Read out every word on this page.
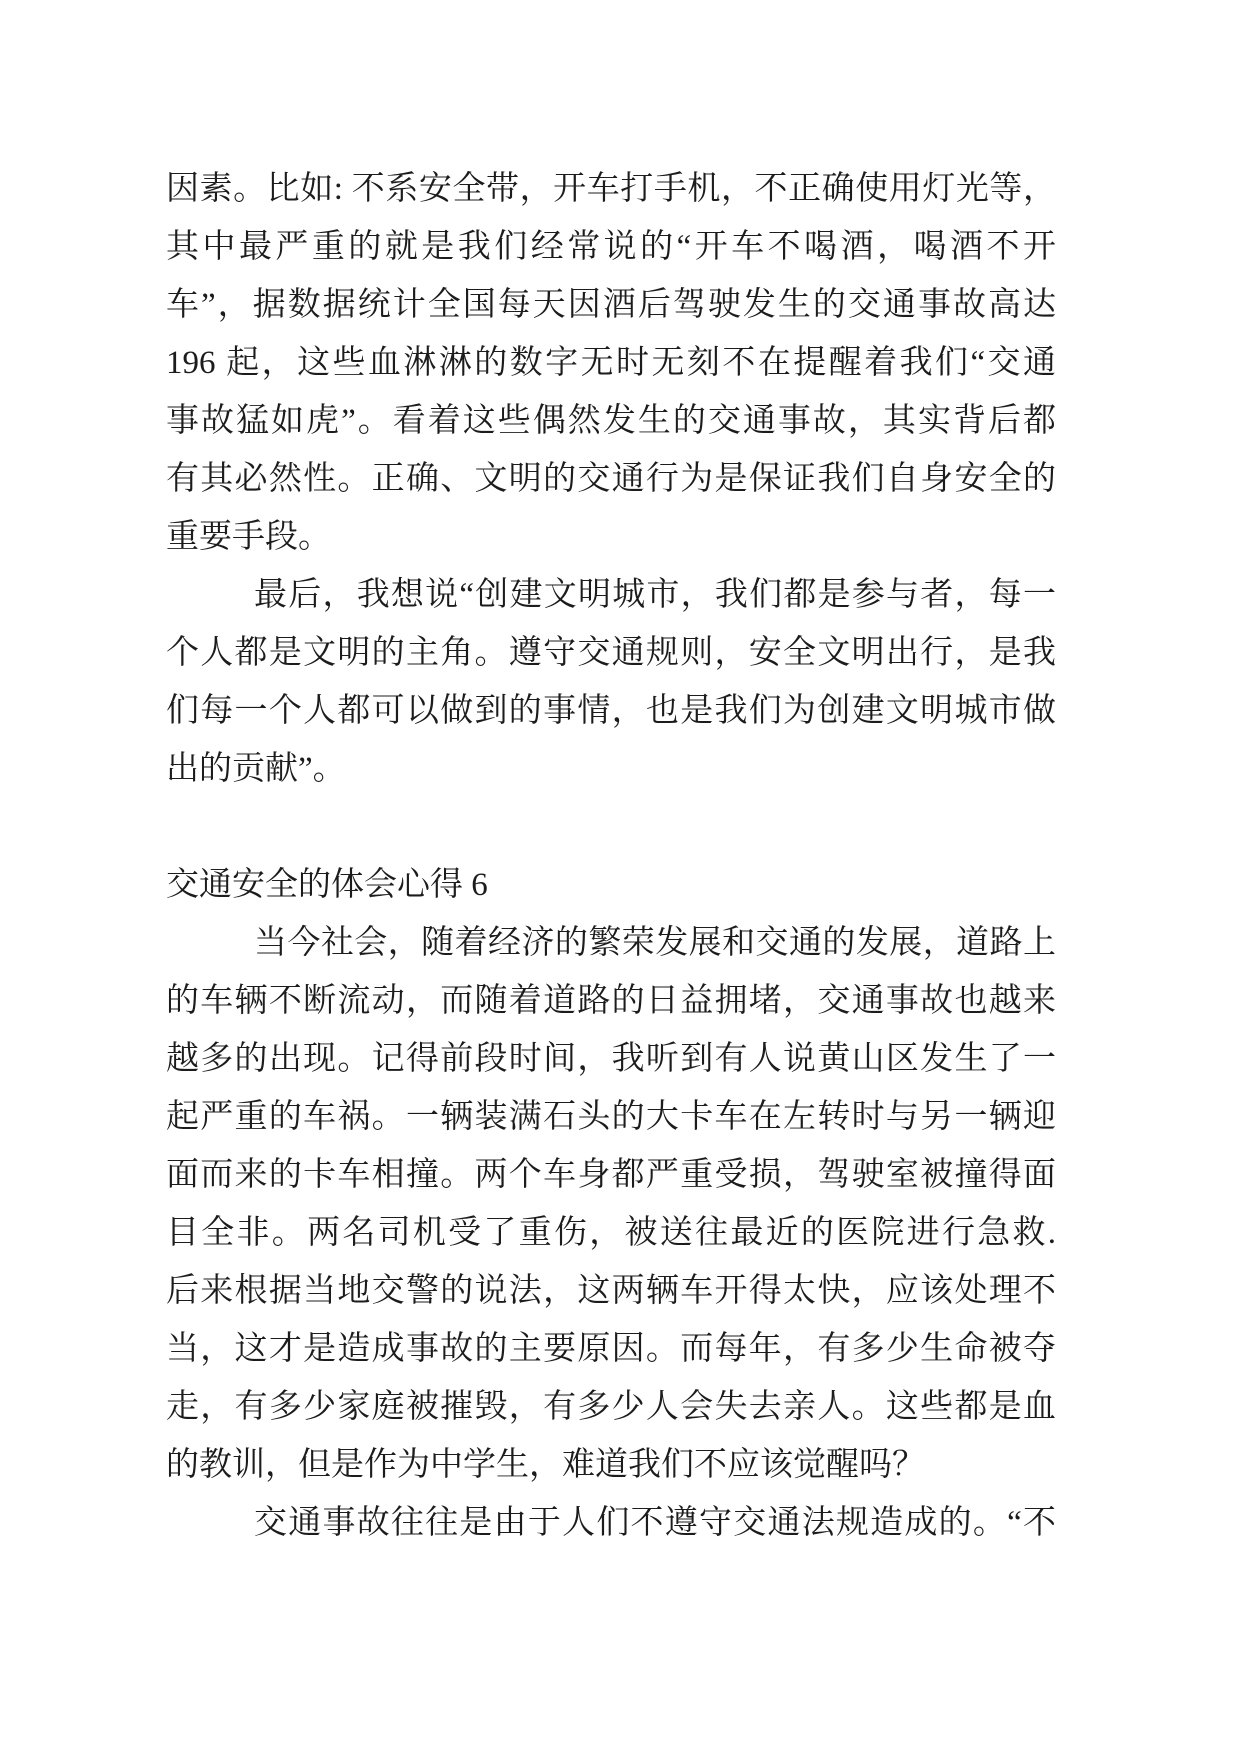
因素。比如: 不系安全带，开车打手机，不正确使用灯光等，
其中最严重的就是我们经常说的“开车不喝酒，喝酒不开
车”，据数据统计全国每天因酒后驾驶发生的交通事故高达
196 起，这些血淋淋的数字无时无刻不在提醒着我们“交通
事故猛如虎”。看着这些偶然发生的交通事故，其实背后都
有其必然性。正确、文明的交通行为是保证我们自身安全的
重要手段。
最后，我想说“创建文明城市，我们都是参与者，每一
个人都是文明的主角。遵守交通规则，安全文明出行，是我
们每一个人都可以做到的事情，也是我们为创建文明城市做
出的贡献”。
交通安全的体会心得 6
当今社会，随着经济的繁荣发展和交通的发展，道路上
的车辆不断流动，而随着道路的日益拥堵，交通事故也越来
越多的出现。记得前段时间，我听到有人说黄山区发生了一
起严重的车祸。一辆装满石头的大卡车在左转时与另一辆迎
面而来的卡车相撞。两个车身都严重受损，驾驶室被撞得面
目全非。两名司机受了重伤，被送往最近的医院进行急救.
后来根据当地交警的说法，这两辆车开得太快，应该处理不
当，这才是造成事故的主要原因。而每年，有多少生命被夺
走，有多少家庭被摧毁，有多少人会失去亲人。这些都是血
的教训，但是作为中学生，难道我们不应该觉醒吗？
交通事故往往是由于人们不遵守交通法规造成的。“不
